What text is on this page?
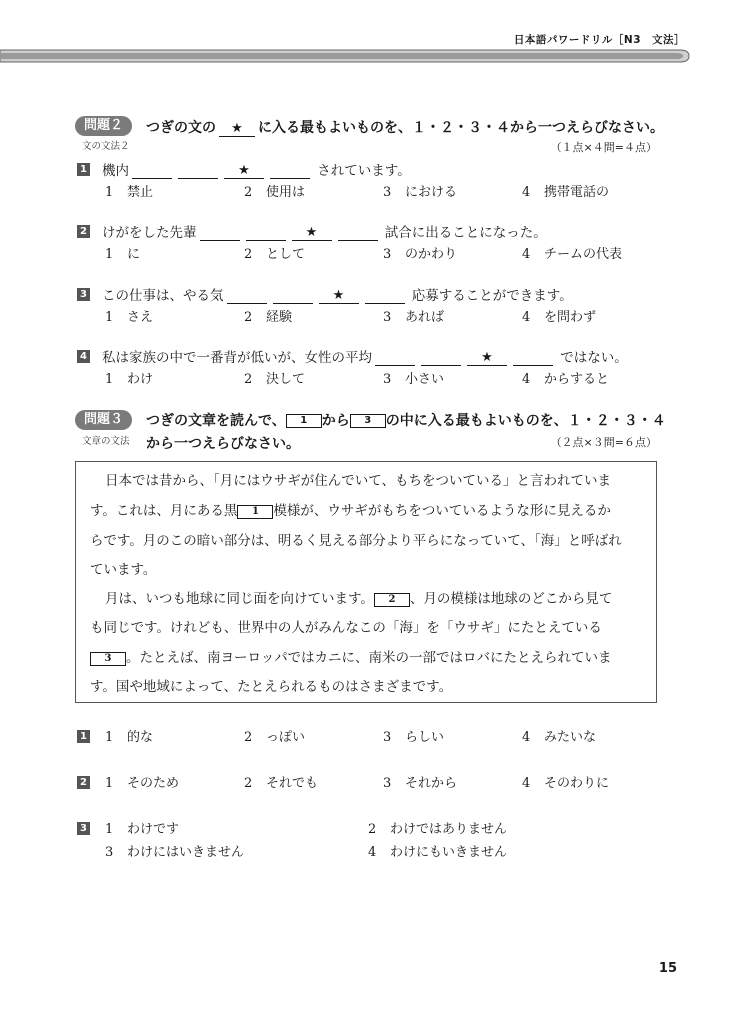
日本語パワードリル［N3　文法］
問題２
文の文法２
つぎの文の ★ に入る最もよいものを、１・２・３・４から一つえらびなさい。
（１点×４問=４点）
1 機内	★	されています。
1 禁止	2 使用は	3 における	4 携帯電話の
2 けがをした先輩	★	試合に出ることになった。
1 に	2 として	3 のかわり	4 チームの代表
3 この仕事は、やる気	★	応募することができます。
1 さえ	2 経験	3 あれば	4 を問わず
4 私は家族の中で一番背が低いが、女性の平均	★	ではない。
1 わけ	2 決して	3 小さい	4 からすると
問題３
文章の文法
つぎの文章を読んで、 1 から 3 の中に入る最もよいものを、１・２・３・４
から一つえらびなさい。	（２点×３問=６点）
日本では昔から、「月にはウサギが住んでいて、もちをついている」と言われていま
す。これは、月にある黒 1 模様が、ウサギがもちをついているような形に見えるか
らです。月のこの暗い部分は、明るく見える部分より平らになっていて、「海」と呼ばれ
ています。
月は、いつも地球に同じ面を向けています。 2 、月の模様は地球のどこから見て
も同じです。けれども、世界中の人がみんなこの「海」を「ウサギ」にたとえている
3 。たとえば、南ヨーロッパではカニに、南米の一部ではロバにたとえられていま
す。国や地域によって、たとえられるものはさまざまです。
1 1 的な	2 っぽい	3 らしい	4 みたいな
2 1 そのため	2 それでも	3 それから	4 そのわりに
3 1 わけです	2 わけではありません
3 わけにはいきません	4 わけにもいきません
15
